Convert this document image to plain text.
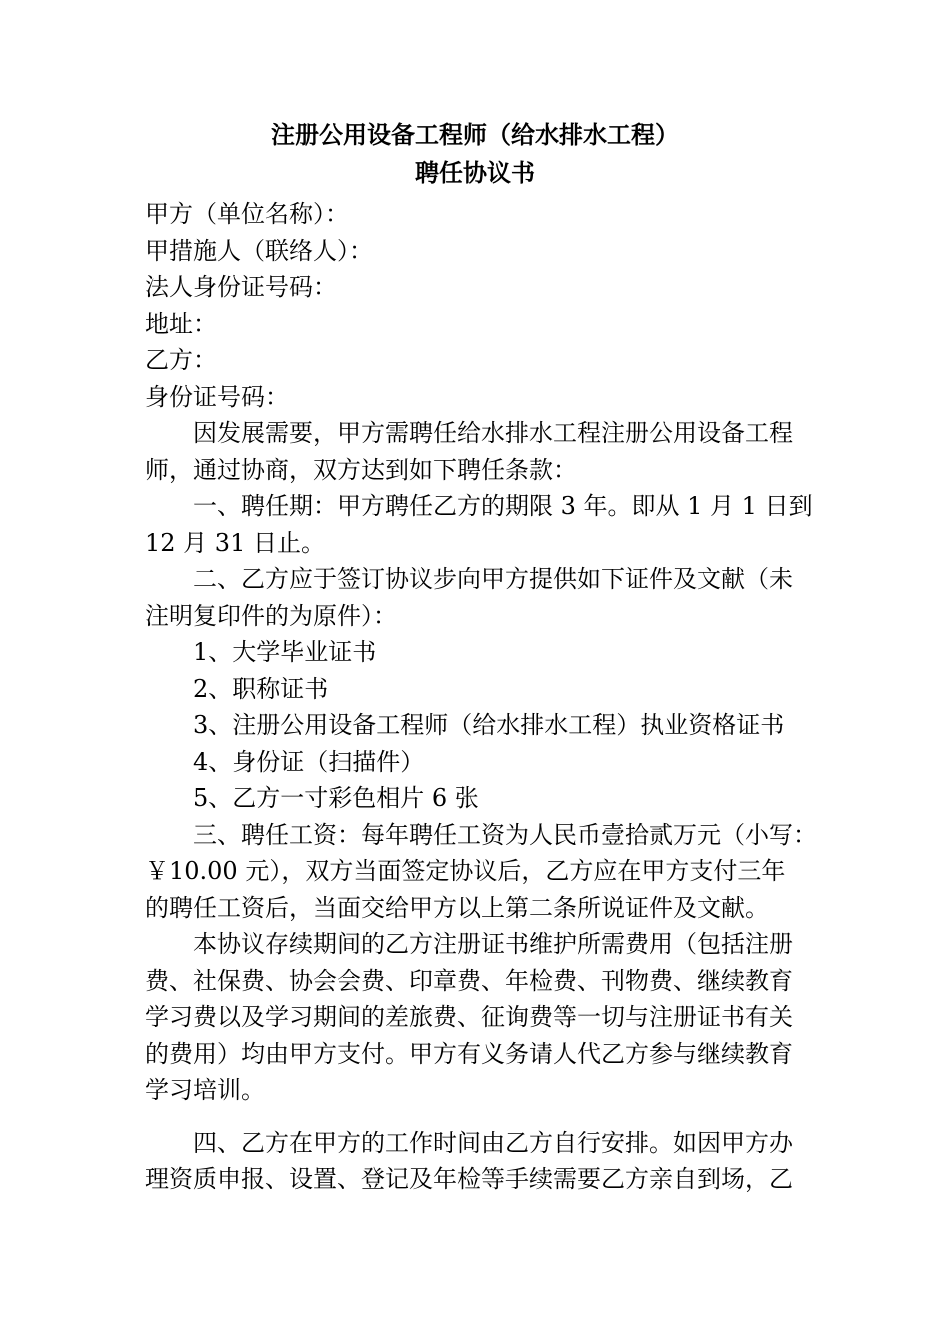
注册公用设备工程师（给水排水工程）
聘任协议书
甲方（单位名称）：
甲措施人（联络人）：
法人身份证号码：
地址：
乙方：
身份证号码：
因发展需要，甲方需聘任给水排水工程注册公用设备工程
师，通过协商，双方达到如下聘任条款：
一、聘任期：甲方聘任乙方的期限 3 年。即从 1 月 1 日到
12 月 31 日止。
二、乙方应于签订协议步向甲方提供如下证件及文献（未
注明复印件的为原件）：
1、大学毕业证书
2、职称证书
3、注册公用设备工程师（给水排水工程）执业资格证书
4、身份证（扫描件）
5、乙方一寸彩色相片 6 张
三、聘任工资：每年聘任工资为人民币壹拾贰万元（小写：
￥10.00 元），双方当面签定协议后，乙方应在甲方支付三年
的聘任工资后，当面交给甲方以上第二条所说证件及文献。
本协议存续期间的乙方注册证书维护所需费用（包括注册
费、社保费、协会会费、印章费、年检费、刊物费、继续教育
学习费以及学习期间的差旅费、征询费等一切与注册证书有关
的费用）均由甲方支付。甲方有义务请人代乙方参与继续教育
学习培训。
四、乙方在甲方的工作时间由乙方自行安排。如因甲方办
理资质申报、设置、登记及年检等手续需要乙方亲自到场，乙
